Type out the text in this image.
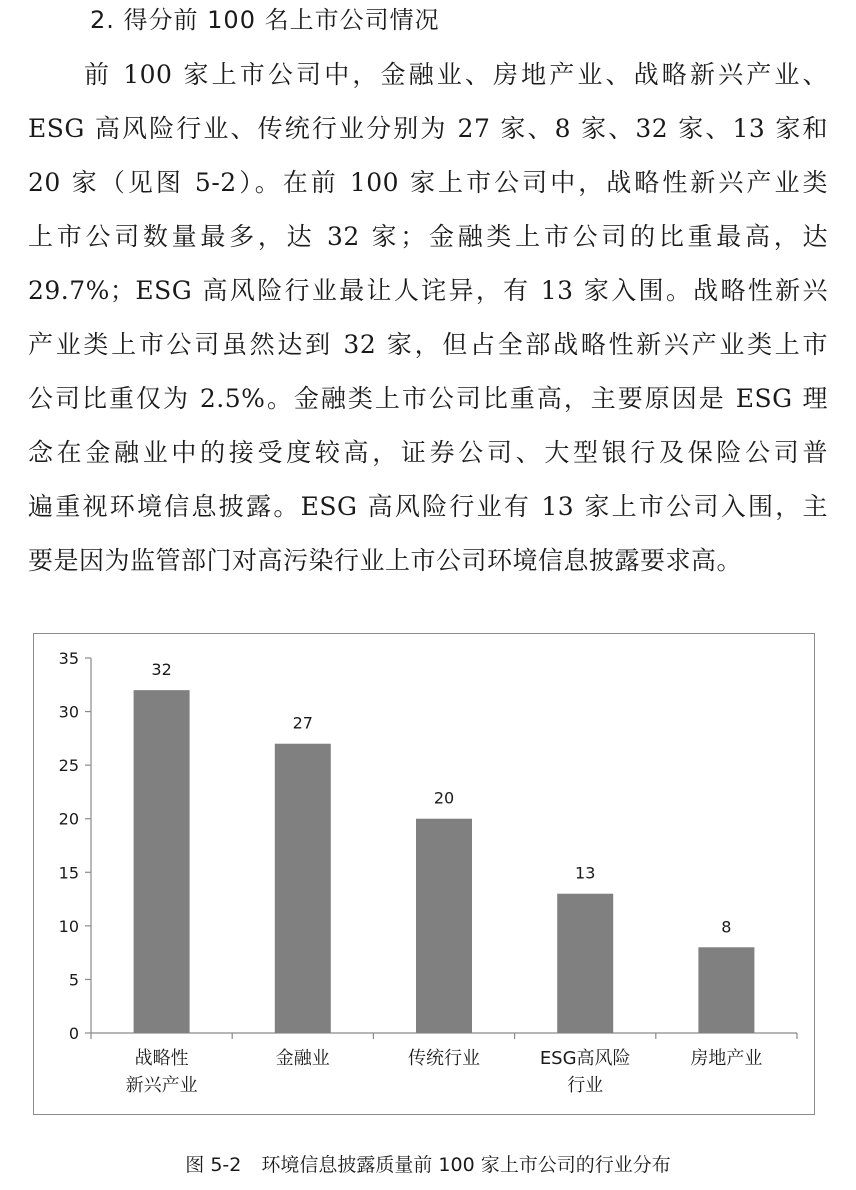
2. 得分前 100 名上市公司情况
前 100 家上市公司中，金融业、房地产业、战略新兴产业、
ESG 高风险行业、传统行业分别为 27 家、8 家、32 家、13 家和
20 家（见图 5-2）。在前 100 家上市公司中，战略性新兴产业类
上市公司数量最多，达 32 家；金融类上市公司的比重最高，达
29.7%；ESG 高风险行业最让人诧异，有 13 家入围。战略性新兴
产业类上市公司虽然达到 32 家，但占全部战略性新兴产业类上市
公司比重仅为 2.5%。金融类上市公司比重高，主要原因是 ESG 理
念在金融业中的接受度较高，证券公司、大型银行及保险公司普
遍重视环境信息披露。ESG 高风险行业有 13 家上市公司入围，主
要是因为监管部门对高污染行业上市公司环境信息披露要求高。
0
5
10
15
20
25
30
35
32
战略性
新兴产业
27
金融业
20
传统行业
13
ESG高风险
行业
8
房地产业
图 5-2 环境信息披露质量前 100 家上市公司的行业分布
